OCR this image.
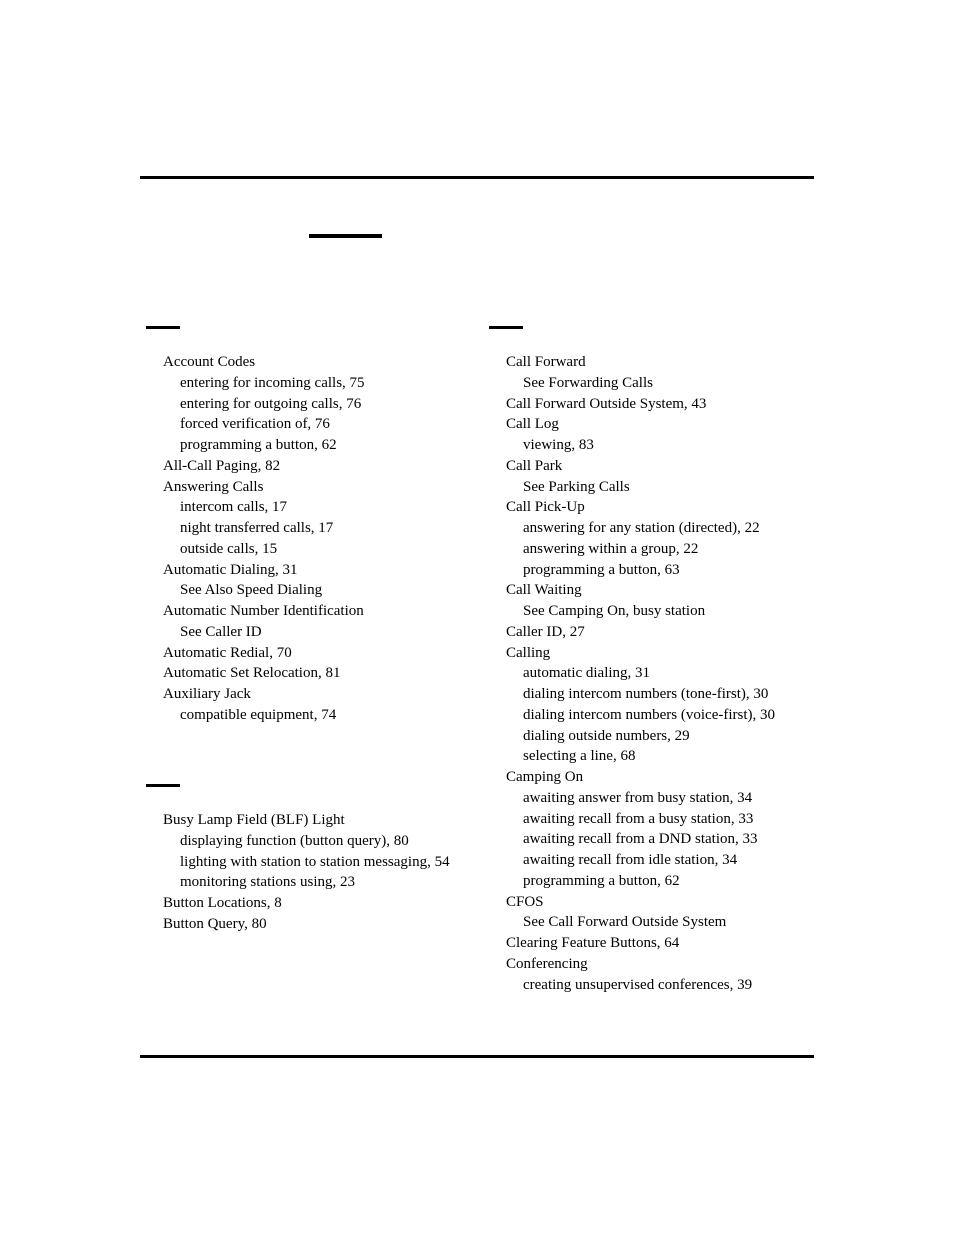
Account Codes
entering for incoming calls, 75
entering for outgoing calls, 76
forced verification of, 76
programming a button, 62
All-Call Paging, 82
Answering Calls
intercom calls, 17
night transferred calls, 17
outside calls, 15
Automatic Dialing, 31
See Also Speed Dialing
Automatic Number Identification
See Caller ID
Automatic Redial, 70
Automatic Set Relocation, 81
Auxiliary Jack
compatible equipment, 74
Busy Lamp Field (BLF) Light
displaying function (button query), 80
lighting with station to station messaging, 54
monitoring stations using, 23
Button Locations, 8
Button Query, 80
Call Forward
See Forwarding Calls
Call Forward Outside System, 43
Call Log
viewing, 83
Call Park
See Parking Calls
Call Pick-Up
answering for any station (directed), 22
answering within a group, 22
programming a button, 63
Call Waiting
See Camping On, busy station
Caller ID, 27
Calling
automatic dialing, 31
dialing intercom numbers (tone-first), 30
dialing intercom numbers (voice-first), 30
dialing outside numbers, 29
selecting a line, 68
Camping On
awaiting answer from busy station, 34
awaiting recall from a busy station, 33
awaiting recall from a DND station, 33
awaiting recall from idle station, 34
programming a button, 62
CFOS
See Call Forward Outside System
Clearing Feature Buttons, 64
Conferencing
creating unsupervised conferences, 39
